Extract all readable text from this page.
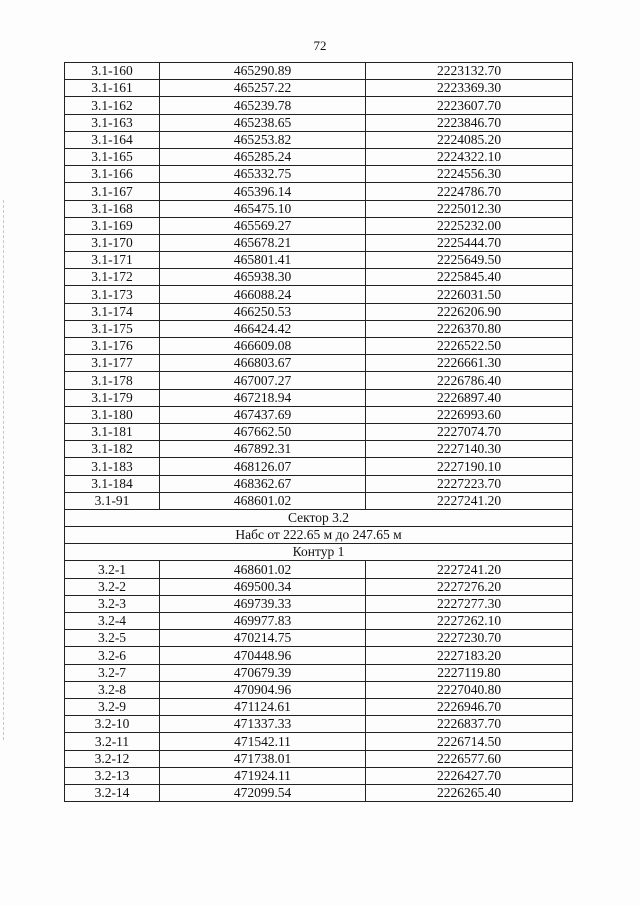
72
3.1-160	465290.89	2223132.70
3.1-161	465257.22	2223369.30
3.1-162	465239.78	2223607.70
3.1-163	465238.65	2223846.70
3.1-164	465253.82	2224085.20
3.1-165	465285.24	2224322.10
3.1-166	465332.75	2224556.30
3.1-167	465396.14	2224786.70
3.1-168	465475.10	2225012.30
3.1-169	465569.27	2225232.00
3.1-170	465678.21	2225444.70
3.1-171	465801.41	2225649.50
3.1-172	465938.30	2225845.40
3.1-173	466088.24	2226031.50
3.1-174	466250.53	2226206.90
3.1-175	466424.42	2226370.80
3.1-176	466609.08	2226522.50
3.1-177	466803.67	2226661.30
3.1-178	467007.27	2226786.40
3.1-179	467218.94	2226897.40
3.1-180	467437.69	2226993.60
3.1-181	467662.50	2227074.70
3.1-182	467892.31	2227140.30
3.1-183	468126.07	2227190.10
3.1-184	468362.67	2227223.70
3.1-91	468601.02	2227241.20
Сектор 3.2		
Набс от 222.65 м до 247.65 м		
Контур 1		
3.2-1	468601.02	2227241.20
3.2-2	469500.34	2227276.20
3.2-3	469739.33	2227277.30
3.2-4	469977.83	2227262.10
3.2-5	470214.75	2227230.70
3.2-6	470448.96	2227183.20
3.2-7	470679.39	2227119.80
3.2-8	470904.96	2227040.80
3.2-9	471124.61	2226946.70
3.2-10	471337.33	2226837.70
3.2-11	471542.11	2226714.50
3.2-12	471738.01	2226577.60
3.2-13	471924.11	2226427.70
3.2-14	472099.54	2226265.40
